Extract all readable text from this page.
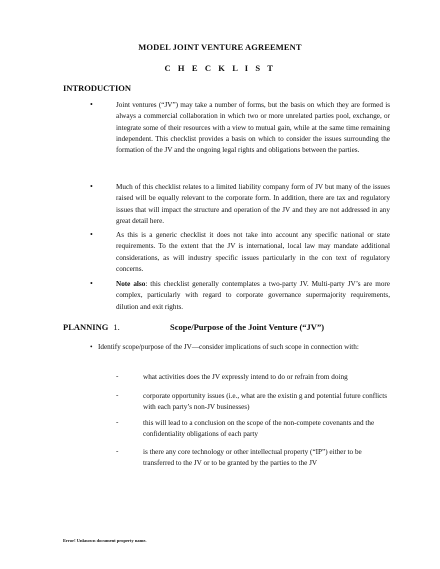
MODEL JOINT VENTURE AGREEMENT
C H E C K L I S T
INTRODUCTION
•	Joint ventures (“JV”) may take a number of forms, but the basis on which they are formed is always a commercial collaboration in which two or more unrelated parties pool, exchange, or integrate some of their resources with a view to mutual gain, while at the same time remaining independent. This checklist provides a basis on which to consider the issues surrounding the formation of the JV and the ongoing legal rights and obligations between the parties.
•	Much of this checklist relates to a limited liability company form of JV but many of the issues raised will be equally relevant to the corporate form. In addition, there are tax and regulatory issues that will impact the structure and operation of the JV and they are not addressed in any great detail here.
•	As this is a generic checklist it does not take into account any specific national or state requirements. To the extent that the JV is international, local law may mandate additional considerations, as will industry specific issues particularly in the con text of regulatory concerns.
•	Note also: this checklist generally contemplates a two-party JV. Multi-party JV’s are more complex, particularly with regard to corporate governance supermajority requirements, dilution and exit rights.
PLANNING 1.	Scope/Purpose of the Joint Venture (“JV”)
• Identify scope/purpose of the JV—consider implications of such scope in connection with:
-	what activities does the JV expressly intend to do or refrain from doing
-	corporate opportunity issues (i.e., what are the existin g and potential future conflicts with each party’s non-JV businesses)
-	this will lead to a conclusion on the scope of the non-compete covenants and the confidentiality obligations of each party
-	is there any core technology or other intellectual property (“IP”) either to be transferred to the JV or to be granted by the parties to the JV
Error! Unknown document property name.
